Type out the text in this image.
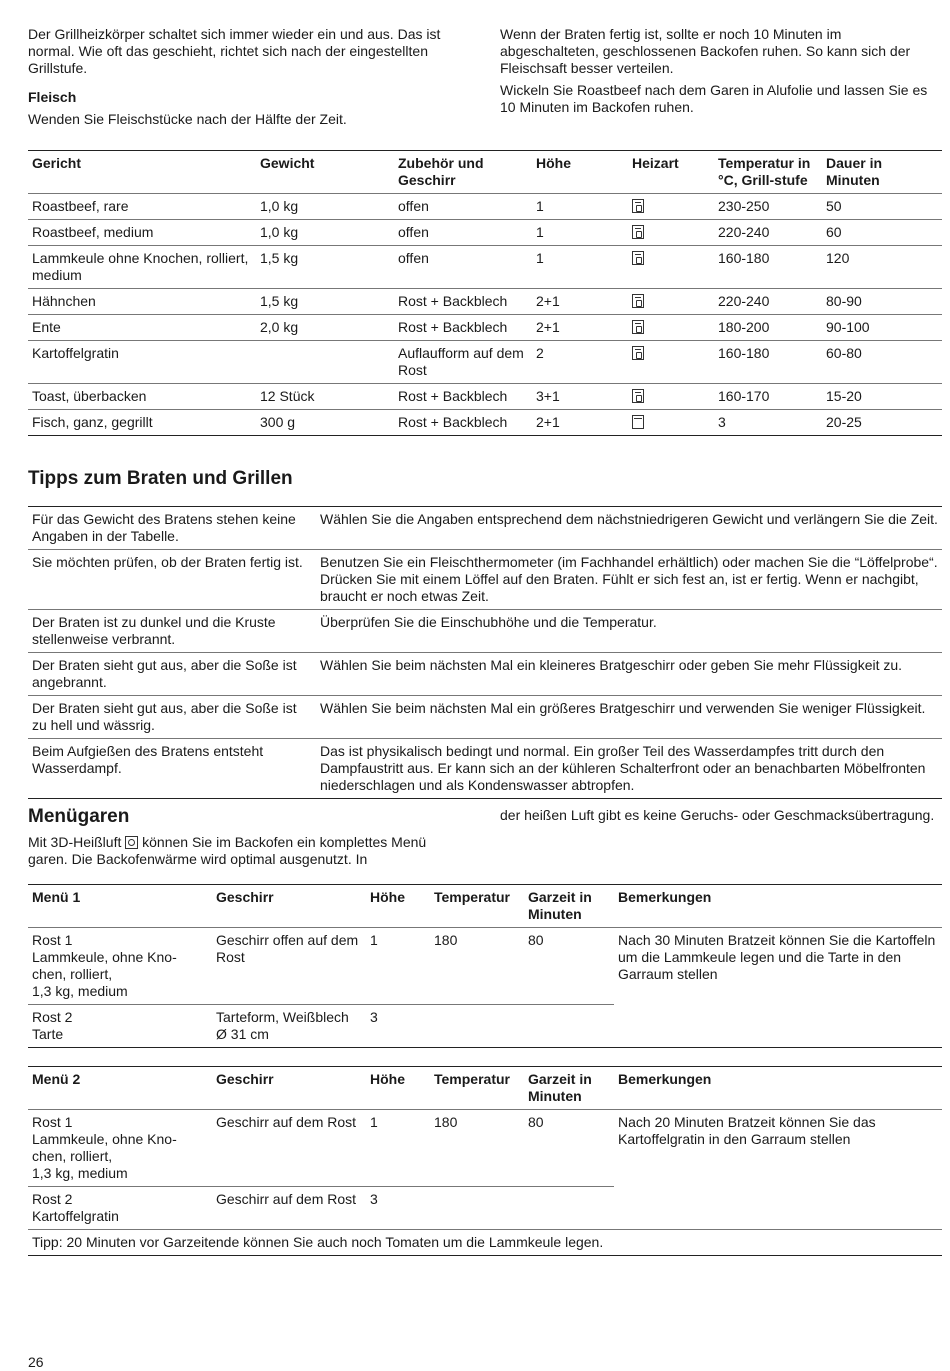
Der Grillheizkörper schaltet sich immer wieder ein und aus. Das ist normal. Wie oft das geschieht, richtet sich nach der eingestellten Grillstufe.

Fleisch

Wenden Sie Fleischstücke nach der Hälfte der Zeit.

Wenn der Braten fertig ist, sollte er noch 10 Minuten im abgeschalteten, geschlossenen Backofen ruhen. So kann sich der Fleischsaft besser verteilen.

Wickeln Sie Roastbeef nach dem Garen in Alufolie und lassen Sie es 10 Minuten im Backofen ruhen.

Gericht	Gewicht	Zubehör und Geschirr	Höhe	Heizart	Temperatur in °C, Grill-stufe	Dauer in Minuten
Roastbeef, rare	1,0 kg	offen	1		230-250	50
Roastbeef, medium	1,0 kg	offen	1		220-240	60
Lammkeule ohne Knochen, rolliert, medium	1,5 kg	offen	1		160-180	120
Hähnchen	1,5 kg	Rost + Backblech	2+1		220-240	80-90
Ente	2,0 kg	Rost + Backblech	2+1		180-200	90-100
Kartoffelgratin		Auflaufform auf dem Rost	2		160-180	60-80
Toast, überbacken	12 Stück	Rost + Backblech	3+1		160-170	15-20
Fisch, ganz, gegrillt	300 g	Rost + Backblech	2+1		3	20-25
Tipps zum Braten und Grillen
Für das Gewicht des Bratens stehen keine Angaben in der Tabelle.	Wählen Sie die Angaben entsprechend dem nächstniedrigeren Gewicht und verlängern Sie die Zeit.
Sie möchten prüfen, ob der Braten fertig ist.	Benutzen Sie ein Fleischthermometer (im Fachhandel erhältlich) oder machen Sie die “Löffelprobe“. Drücken Sie mit einem Löffel auf den Braten. Fühlt er sich fest an, ist er fertig. Wenn er nachgibt, braucht er noch etwas Zeit.
Der Braten ist zu dunkel und die Kruste stellenweise verbrannt.	Überprüfen Sie die Einschubhöhe und die Temperatur.
Der Braten sieht gut aus, aber die Soße ist angebrannt.	Wählen Sie beim nächsten Mal ein kleineres Bratgeschirr oder geben Sie mehr Flüssigkeit zu.
Der Braten sieht gut aus, aber die Soße ist zu hell und wässrig.	Wählen Sie beim nächsten Mal ein größeres Bratgeschirr und verwenden Sie weniger Flüssigkeit.
Beim Aufgießen des Bratens entsteht Wasserdampf.	Das ist physikalisch bedingt und normal. Ein großer Teil des Wasserdampfes tritt durch den Dampfaustritt aus. Er kann sich an der kühleren Schalterfront oder an benachbarten Möbelfronten niederschlagen und als Kondenswasser abtropfen.
Menügaren
Mit 3D-Heißluft können Sie im Backofen ein komplettes Menü garen. Die Backofenwärme wird optimal ausgenutzt. In
der heißen Luft gibt es keine Geruchs- oder Geschmacksübertragung.
Menü 1	Geschirr	Höhe	Temperatur	Garzeit in Minuten	Bemerkungen
Rost 1
Lammkeule, ohne Kno-
chen, rolliert,
1,3 kg, medium	Geschirr offen auf dem Rost	1	180	80	Nach 30 Minuten Bratzeit können Sie die Kartoffeln um die Lammkeule legen und die Tarte in den Garraum stellen
Rost 2
Tarte	Tarteform, Weißblech Ø 31 cm	3			
Menü 2	Geschirr	Höhe	Temperatur	Garzeit in Minuten	Bemerkungen
Rost 1
Lammkeule, ohne Kno-
chen, rolliert,
1,3 kg, medium	Geschirr auf dem Rost	1	180	80	Nach 20 Minuten Bratzeit können Sie das Kartoffelgratin in den Garraum stellen
Rost 2
Kartoffelgratin	Geschirr auf dem Rost	3			
Tipp: 20 Minuten vor Garzeitende können Sie auch noch Tomaten um die Lammkeule legen.					
26
